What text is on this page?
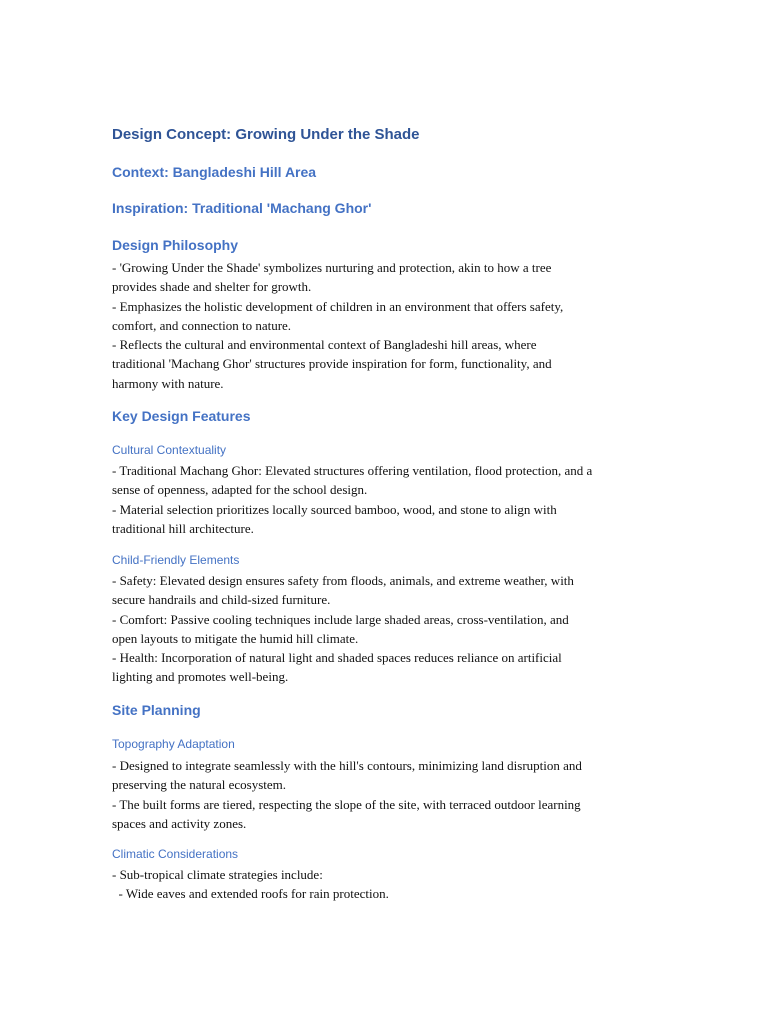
Design Concept: Growing Under the Shade
Context: Bangladeshi Hill Area
Inspiration: Traditional 'Machang Ghor'
Design Philosophy
- 'Growing Under the Shade' symbolizes nurturing and protection, akin to how a tree
provides shade and shelter for growth.
- Emphasizes the holistic development of children in an environment that offers safety,
comfort, and connection to nature.
- Reflects the cultural and environmental context of Bangladeshi hill areas, where
traditional 'Machang Ghor' structures provide inspiration for form, functionality, and
harmony with nature.
Key Design Features
Cultural Contextuality
- Traditional Machang Ghor: Elevated structures offering ventilation, flood protection, and a
sense of openness, adapted for the school design.
- Material selection prioritizes locally sourced bamboo, wood, and stone to align with
traditional hill architecture.
Child-Friendly Elements
- Safety: Elevated design ensures safety from floods, animals, and extreme weather, with
secure handrails and child-sized furniture.
- Comfort: Passive cooling techniques include large shaded areas, cross-ventilation, and
open layouts to mitigate the humid hill climate.
- Health: Incorporation of natural light and shaded spaces reduces reliance on artificial
lighting and promotes well-being.
Site Planning
Topography Adaptation
- Designed to integrate seamlessly with the hill's contours, minimizing land disruption and
preserving the natural ecosystem.
- The built forms are tiered, respecting the slope of the site, with terraced outdoor learning
spaces and activity zones.
Climatic Considerations
- Sub-tropical climate strategies include:
- Wide eaves and extended roofs for rain protection.
